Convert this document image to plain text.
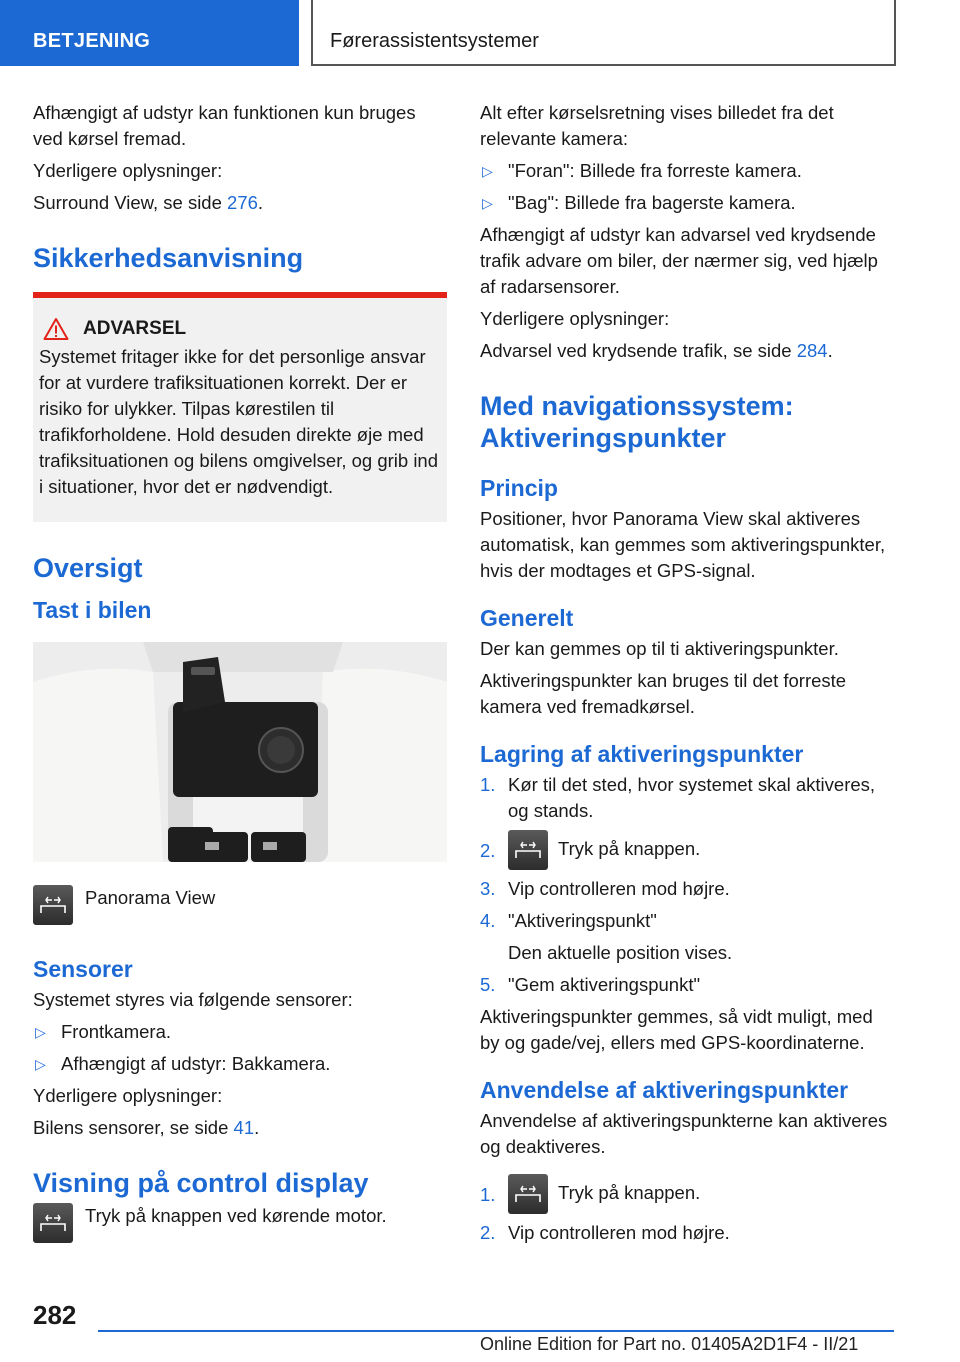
BETJENING	Førerassistentsystemer

Afhængigt af udstyr kan funktionen kun bruges ved kørsel fremad.

Yderligere oplysninger:

Surround View, se side 276.

Sikkerhedsanvisning
ADVARSEL

Systemet fritager ikke for det personlige ansvar for at vurdere trafiksituationen korrekt. Der er risiko for ulykker. Tilpas kørestilen til trafikforholdene. Hold desuden direkte øje med trafiksituationen og bilens omgivelser, og grib ind i situationer, hvor det er nødvendigt.

Oversigt
Tast i bilen
Panorama View
Sensorer

Systemet styres via følgende sensorer:

▷ Frontkamera.
▷ Afhængigt af udstyr: Bakkamera.

Yderligere oplysninger:

Bilens sensorer, se side 41.

Visning på control display
Tryk på knappen ved kørende motor.

Alt efter kørselsretning vises billedet fra det relevante kamera:

▷ "Foran": Billede fra forreste kamera.
▷ "Bag": Billede fra bagerste kamera.

Afhængigt af udstyr kan advarsel ved krydsende trafik advare om biler, der nærmer sig, ved hjælp af radarsensorer.

Yderligere oplysninger:

Advarsel ved krydsende trafik, se side 284.

Med navigationssystem: Aktiveringspunkter
Princip

Positioner, hvor Panorama View skal aktiveres automatisk, kan gemmes som aktiveringspunkter, hvis der modtages et GPS-signal.

Generelt

Der kan gemmes op til ti aktiveringspunkter.

Aktiveringspunkter kan bruges til det forreste kamera ved fremadkørsel.

Lagring af aktiveringspunkter
1. Kør til det sted, hvor systemet skal aktiveres, og stands.
2.	Tryk på knappen.
3. Vip controlleren mod højre.
4. "Aktiveringspunkt"
Den aktuelle position vises.
5. "Gem aktiveringspunkt"

Aktiveringspunkter gemmes, så vidt muligt, med by og gade/vej, ellers med GPS-koordinaterne.

Anvendelse af aktiveringspunkter

Anvendelse af aktiveringspunkterne kan aktiveres og deaktiveres.

1.	Tryk på knappen.
2. Vip controlleren mod højre.
282
Online Edition for Part no. 01405A2D1F4 - II/21
